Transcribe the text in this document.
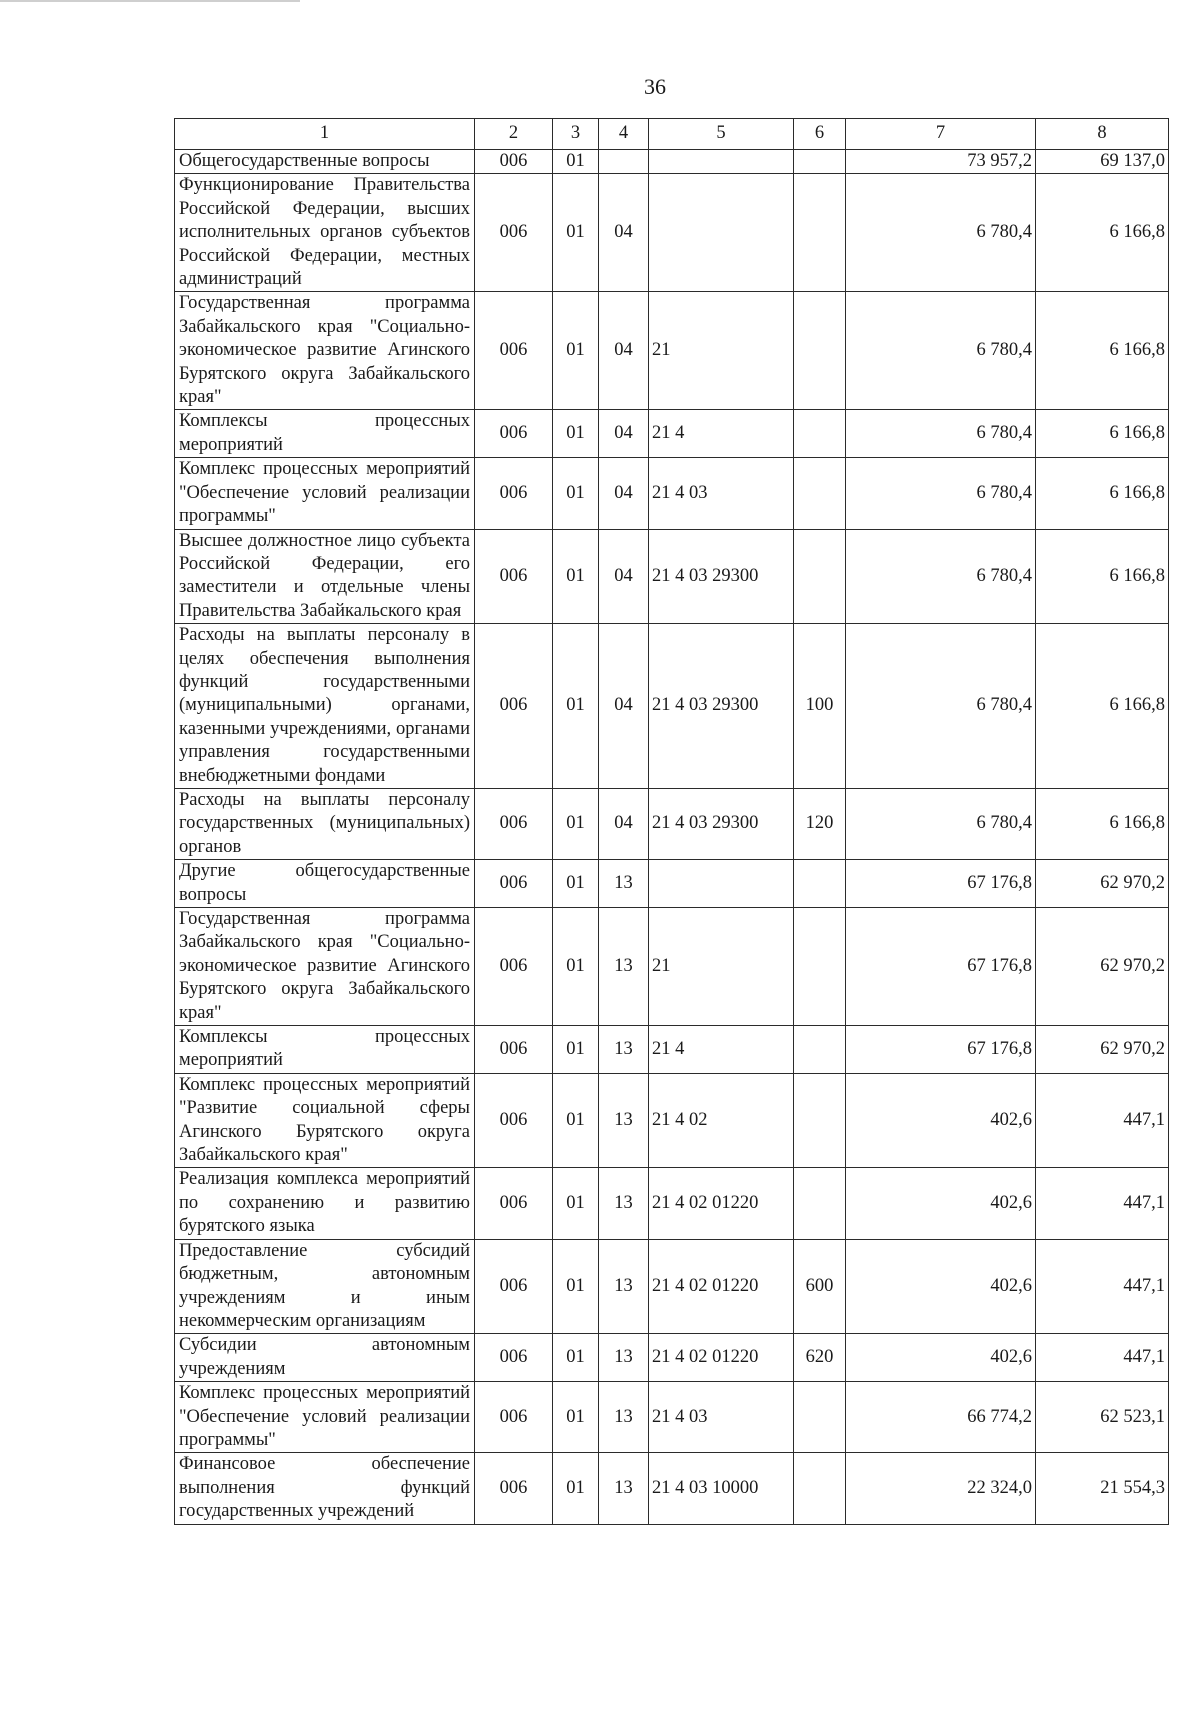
36
1	2	3	4	5	6	7	8
Общегосударственные вопросы	006	01				73 957,2	69 137,0
Функционирование Правительства Российской Федерации, высших исполнительных органов субъектов Российской Федерации, местных администраций	006	01	04			6 780,4	6 166,8
Государственная программа Забайкальского края "Социально-экономическое развитие Агинского Бурятского округа Забайкальского края"	006	01	04	21		6 780,4	6 166,8
Комплексы процессных мероприятий	006	01	04	21 4		6 780,4	6 166,8
Комплекс процессных мероприятий "Обеспечение условий реализации программы"	006	01	04	21 4 03		6 780,4	6 166,8
Высшее должностное лицо субъекта Российской Федерации, его заместители и отдельные члены Правительства Забайкальского края	006	01	04	21 4 03 29300		6 780,4	6 166,8
Расходы на выплаты персоналу в целях обеспечения выполнения функций государственными (муниципальными) органами, казенными учреждениями, органами управления государственными внебюджетными фондами	006	01	04	21 4 03 29300	100	6 780,4	6 166,8
Расходы на выплаты персоналу государственных (муниципальных) органов	006	01	04	21 4 03 29300	120	6 780,4	6 166,8
Другие общегосударственные вопросы	006	01	13			67 176,8	62 970,2
Государственная программа Забайкальского края "Социально-экономическое развитие Агинского Бурятского округа Забайкальского края"	006	01	13	21		67 176,8	62 970,2
Комплексы процессных мероприятий	006	01	13	21 4		67 176,8	62 970,2
Комплекс процессных мероприятий "Развитие социальной сферы Агинского Бурятского округа Забайкальского края"	006	01	13	21 4 02		402,6	447,1
Реализация комплекса мероприятий по сохранению и развитию бурятского языка	006	01	13	21 4 02 01220		402,6	447,1
Предоставление субсидий бюджетным, автономным учреждениям и иным некоммерческим организациям	006	01	13	21 4 02 01220	600	402,6	447,1
Субсидии автономным учреждениям	006	01	13	21 4 02 01220	620	402,6	447,1
Комплекс процессных мероприятий "Обеспечение условий реализации программы"	006	01	13	21 4 03		66 774,2	62 523,1
Финансовое обеспечение выполнения функций государственных учреждений	006	01	13	21 4 03 10000		22 324,0	21 554,3
